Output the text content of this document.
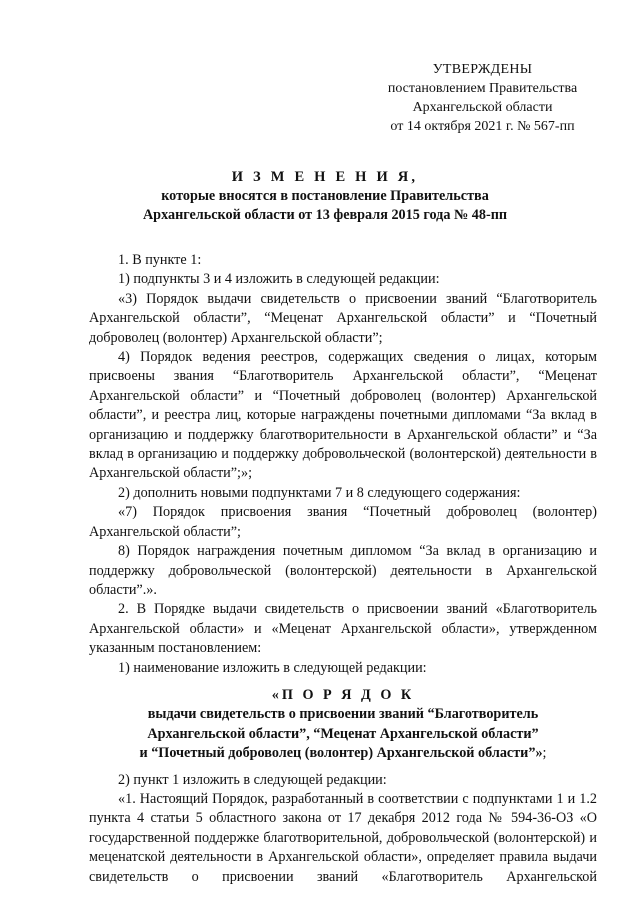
УТВЕРЖДЕНЫ
постановлением Правительства
Архангельской области
от 14 октября 2021 г. № 567-пп
И З М Е Н Е Н И Я,
которые вносятся в постановление Правительства
Архангельской области от 13 февраля 2015 года № 48-пп

1. В пункте 1:

1) подпункты 3 и 4 изложить в следующей редакции:

«3) Порядок выдачи свидетельств о присвоении званий “Благотворитель Архангельской области”, “Меценат Архангельской области” и “Почетный доброволец (волонтер) Архангельской области”;

4) Порядок ведения реестров, содержащих сведения о лицах, которым присвоены звания “Благотворитель Архангельской области”, “Меценат Архангельской области” и “Почетный доброволец (волонтер) Архангельской области”, и реестра лиц, которые награждены почетными дипломами “За вклад в организацию и поддержку благотворительности в Архангельской области” и “За вклад в организацию и поддержку добровольческой (волонтерской) деятельности в Архангельской области”;»;

2) дополнить новыми подпунктами 7 и 8 следующего содержания:

«7) Порядок присвоения звания “Почетный доброволец (волонтер) Архангельской области”;

8) Порядок награждения почетным дипломом “За вклад в организацию и поддержку добровольческой (волонтерской) деятельности в Архангельской области”.».

2. В Порядке выдачи свидетельств о присвоении званий «Благотворитель Архангельской области» и «Меценат Архангельской области», утвержденном указанным постановлением:

1) наименование изложить в следующей редакции:

«П О Р Я Д О К
выдачи свидетельств о присвоении званий “Благотворитель
Архангельской области”, “Меценат Архангельской области”
и “Почетный доброволец (волонтер) Архангельской области”»;

2) пункт 1 изложить в следующей редакции:

«1. Настоящий Порядок, разработанный в соответствии с подпунктами 1 и 1.2 пункта 4 статьи 5 областного закона от 17 декабря 2012 года № 594-36-ОЗ «О государственной поддержке благотворительной, добровольческой (волонтерской) и меценатской деятельности в Архангельской области», определяет правила выдачи свидетельств о присвоении званий «Благотворитель Архангельской
